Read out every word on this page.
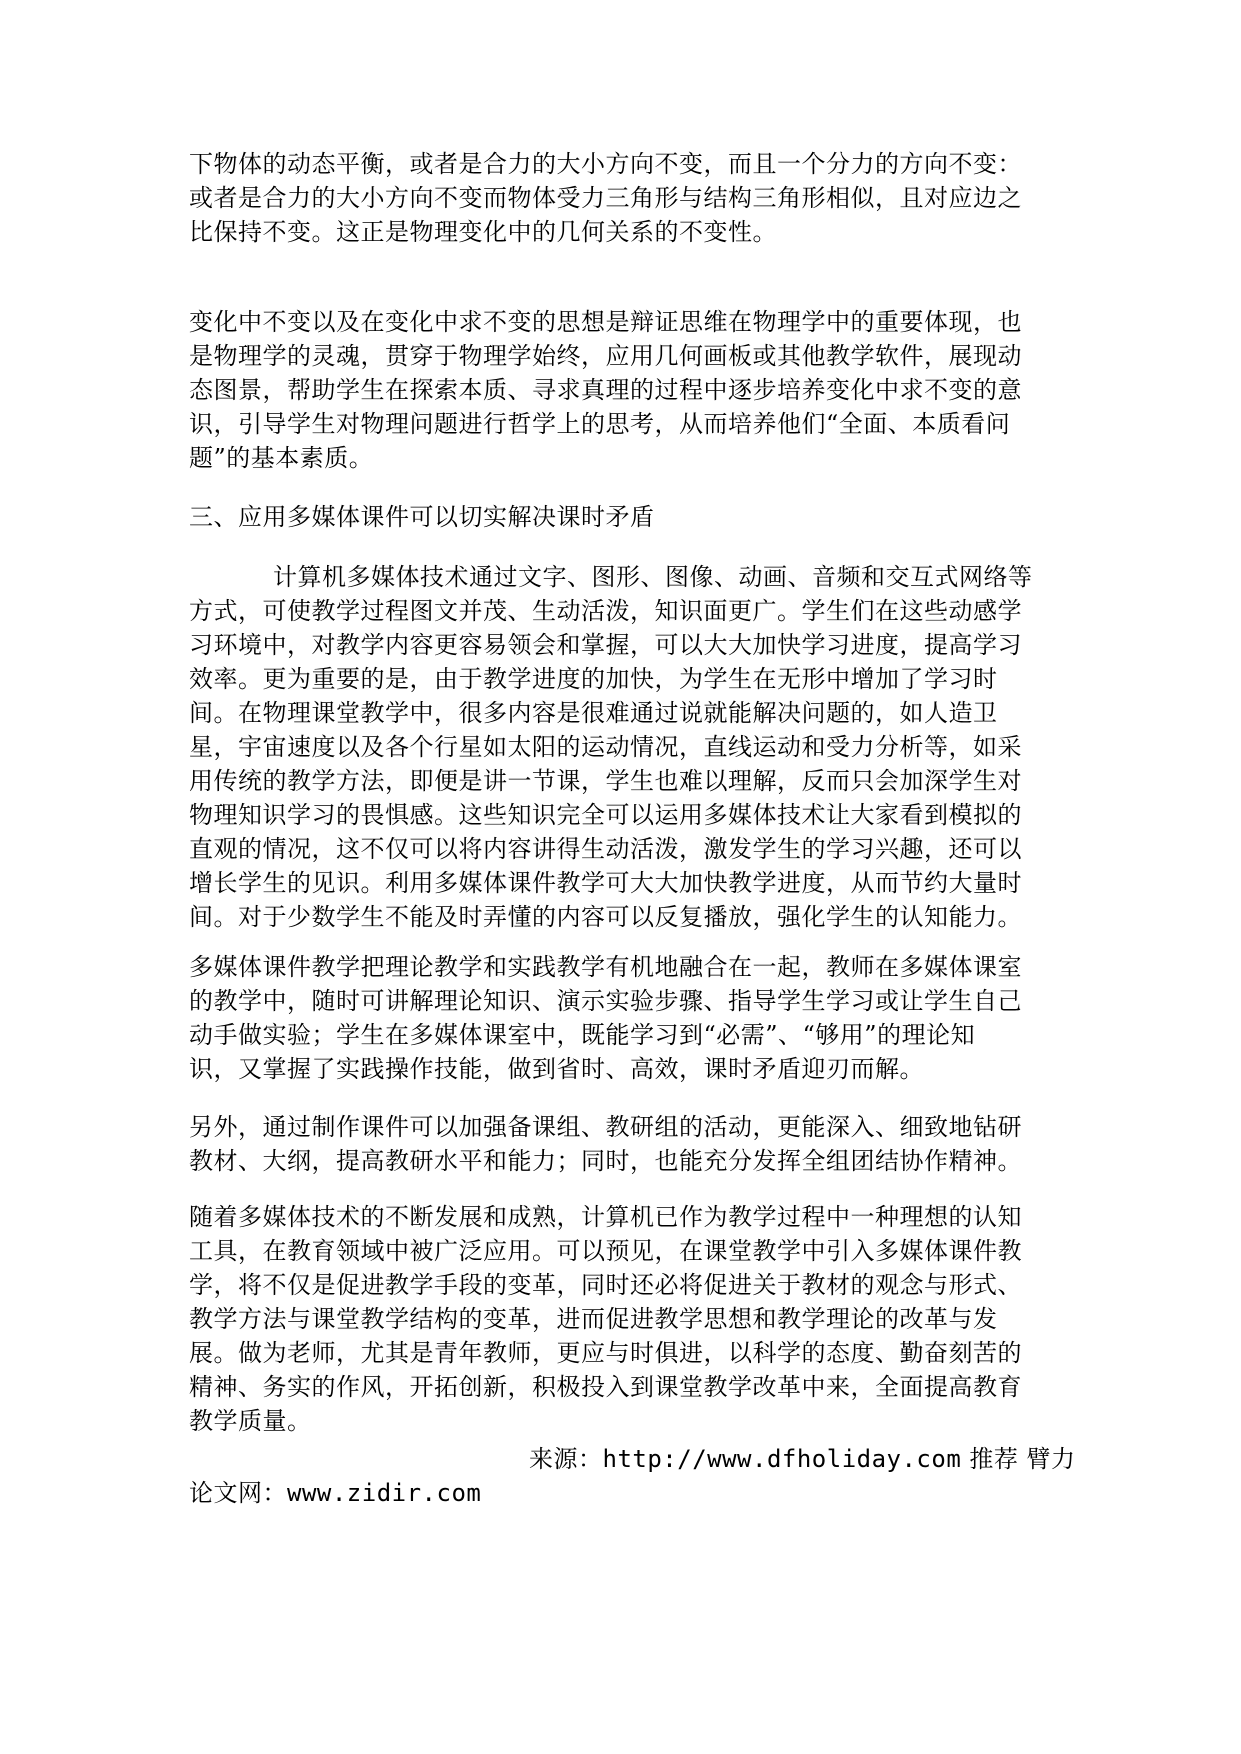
下物体的动态平衡，或者是合力的大小方向不变，而且一个分力的方向不变：
或者是合力的大小方向不变而物体受力三角形与结构三角形相似，且对应边之
比保持不变。这正是物理变化中的几何关系的不变性。

变化中不变以及在变化中求不变的思想是辩证思维在物理学中的重要体现，也
是物理学的灵魂，贯穿于物理学始终，应用几何画板或其他教学软件，展现动
态图景，帮助学生在探索本质、寻求真理的过程中逐步培养变化中求不变的意
识，引导学生对物理问题进行哲学上的思考，从而培养他们“全面、本质看问
题”的基本素质。

三、应用多媒体课件可以切实解决课时矛盾

计算机多媒体技术通过文字、图形、图像、动画、音频和交互式网络等
方式，可使教学过程图文并茂、生动活泼，知识面更广。学生们在这些动感学
习环境中，对教学内容更容易领会和掌握，可以大大加快学习进度，提高学习
效率。更为重要的是，由于教学进度的加快，为学生在无形中增加了学习时
间。在物理课堂教学中，很多内容是很难通过说就能解决问题的，如人造卫
星，宇宙速度以及各个行星如太阳的运动情况，直线运动和受力分析等，如采
用传统的教学方法，即便是讲一节课，学生也难以理解，反而只会加深学生对
物理知识学习的畏惧感。这些知识完全可以运用多媒体技术让大家看到模拟的
直观的情况，这不仅可以将内容讲得生动活泼，激发学生的学习兴趣，还可以
增长学生的见识。利用多媒体课件教学可大大加快教学进度，从而节约大量时
间。对于少数学生不能及时弄懂的内容可以反复播放，强化学生的认知能力。

多媒体课件教学把理论教学和实践教学有机地融合在一起，教师在多媒体课室
的教学中，随时可讲解理论知识、演示实验步骤、指导学生学习或让学生自己
动手做实验；学生在多媒体课室中，既能学习到“必需”、“够用”的理论知
识，又掌握了实践操作技能，做到省时、高效，课时矛盾迎刃而解。

另外，通过制作课件可以加强备课组、教研组的活动，更能深入、细致地钻研
教材、大纲，提高教研水平和能力；同时，也能充分发挥全组团结协作精神。

随着多媒体技术的不断发展和成熟，计算机已作为教学过程中一种理想的认知
工具，在教育领域中被广泛应用。可以预见，在课堂教学中引入多媒体课件教
学，将不仅是促进教学手段的变革，同时还必将促进关于教材的观念与形式、
教学方法与课堂教学结构的变革，进而促进教学思想和教学理论的改革与发
展。做为老师，尤其是青年教师，更应与时俱进，以科学的态度、勤奋刻苦的
精神、务实的作风，开拓创新，积极投入到课堂教学改革中来，全面提高教育
教学质量。

来源：http://www.dfholiday.com 推荐 臂力
论文网：www.zidir.com
